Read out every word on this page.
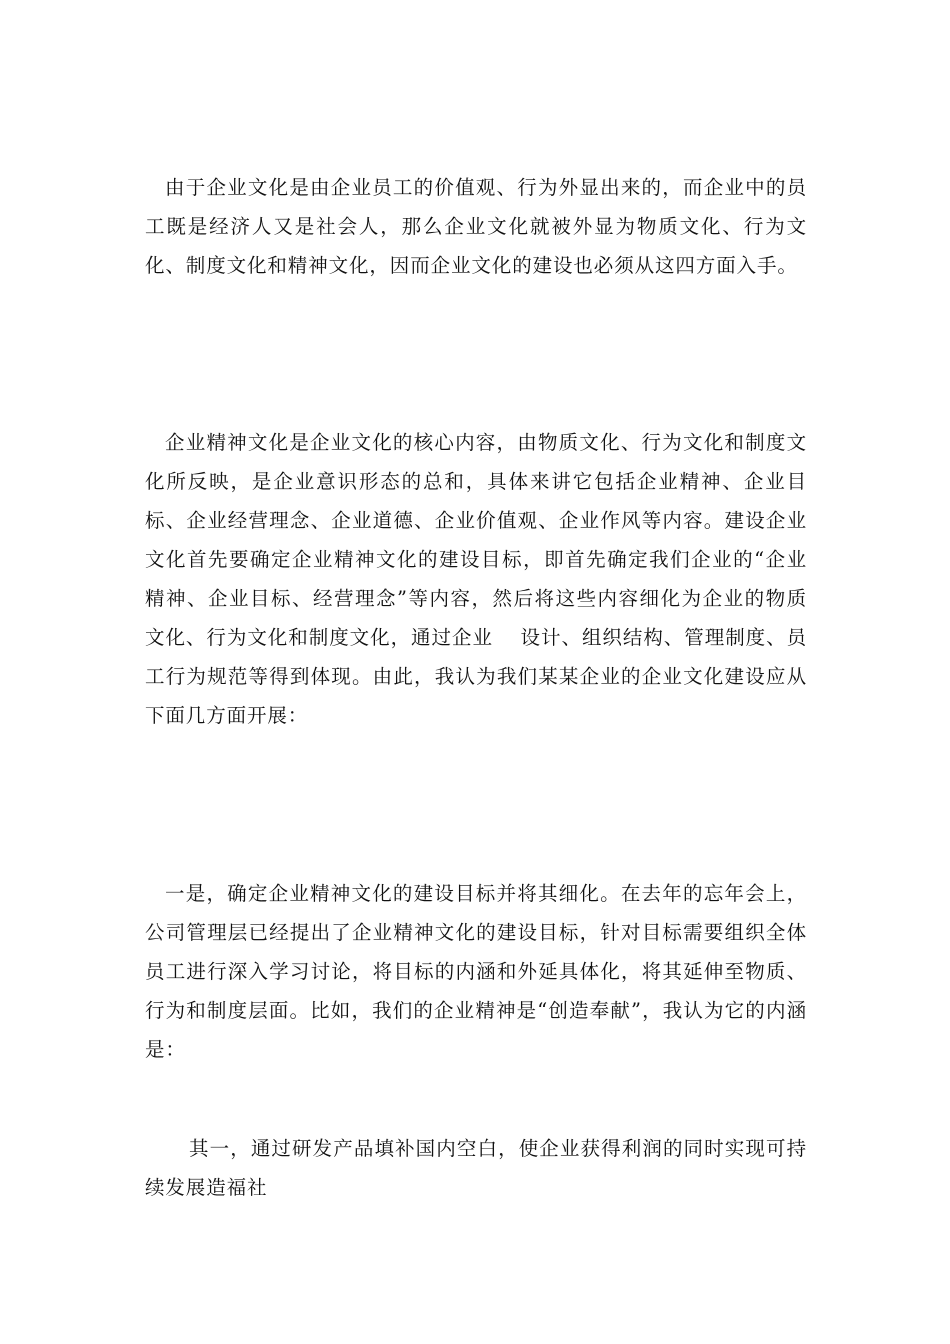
由于企业文化是由企业员工的价值观、行为外显出来的，而企业中的员工既是经济人又是社会人，那么企业文化就被外显为物质文化、行为文化、制度文化和精神文化，因而企业文化的建设也必须从这四方面入手。

企业精神文化是企业文化的核心内容，由物质文化、行为文化和制度文化所反映，是企业意识形态的总和，具体来讲它包括企业精神、企业目标、企业经营理念、企业道德、企业价值观、企业作风等内容。建设企业文化首先要确定企业精神文化的建设目标，即首先确定我们企业的“企业精神、企业目标、经营理念”等内容，然后将这些内容细化为企业的物质文化、行为文化和制度文化，通过企业　 设计、组织结构、管理制度、员工行为规范等得到体现。由此，我认为我们某某企业的企业文化建设应从下面几方面开展：

一是，确定企业精神文化的建设目标并将其细化。在去年的忘年会上，公司管理层已经提出了企业精神文化的建设目标，针对目标需要组织全体员工进行深入学习讨论，将目标的内涵和外延具体化，将其延伸至物质、行为和制度层面。比如，我们的企业精神是“创造奉献”，我认为它的内涵是：

其一，通过研发产品填补国内空白，使企业获得利润的同时实现可持续发展造福社
